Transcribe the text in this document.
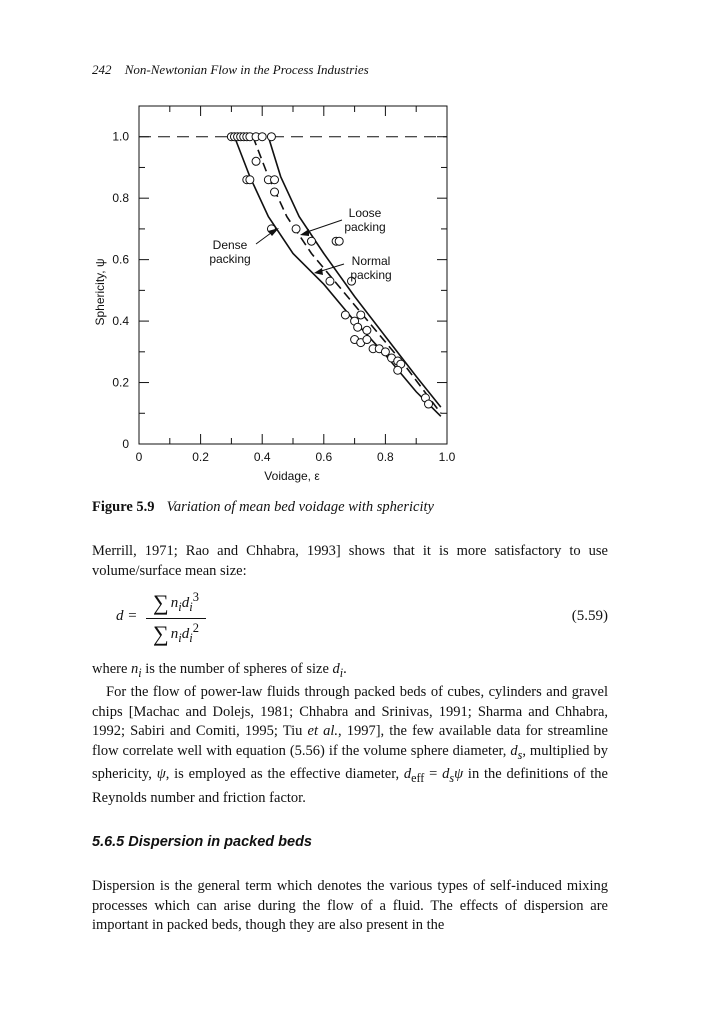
242 Non-Newtonian Flow in the Process Industries
0	0.2	0.4	0.6	0.8	1.0
0
0.2
0.4
0.6
0.8
1.0
Voidage, ε
Sphericity, ψ
Loose
packing
Dense
packing	Normal
packing
Figure 5.9 Variation of mean bed voidage with sphericity

Merrill, 1971; Rao and Chhabra, 1993] shows that it is more satisfactory to use volume/surface mean size:

d =
∑ $n_id_i^3$
∑ $n_id_i^2$
(5.59)

where $n_i$ is the number of spheres of size $d_i$.

For the flow of power-law fluids through packed beds of cubes, cylinders and gravel chips [Machac and Dolejs, 1981; Chhabra and Srinivas, 1991; Sharma and Chhabra, 1992; Sabiri and Comiti, 1995; Tiu et al., 1997], the few available data for streamline flow correlate well with equation (5.56) if the volume sphere diameter, $d_s$, multiplied by sphericity, ψ, is employed as the effective diameter, $d_{eff} = d_s\psi$ in the definitions of the Reynolds number and friction factor.

5.6.5 Dispersion in packed beds

Dispersion is the general term which denotes the various types of self-induced mixing processes which can arise during the flow of a fluid. The effects of dispersion are important in packed beds, though they are also present in the
